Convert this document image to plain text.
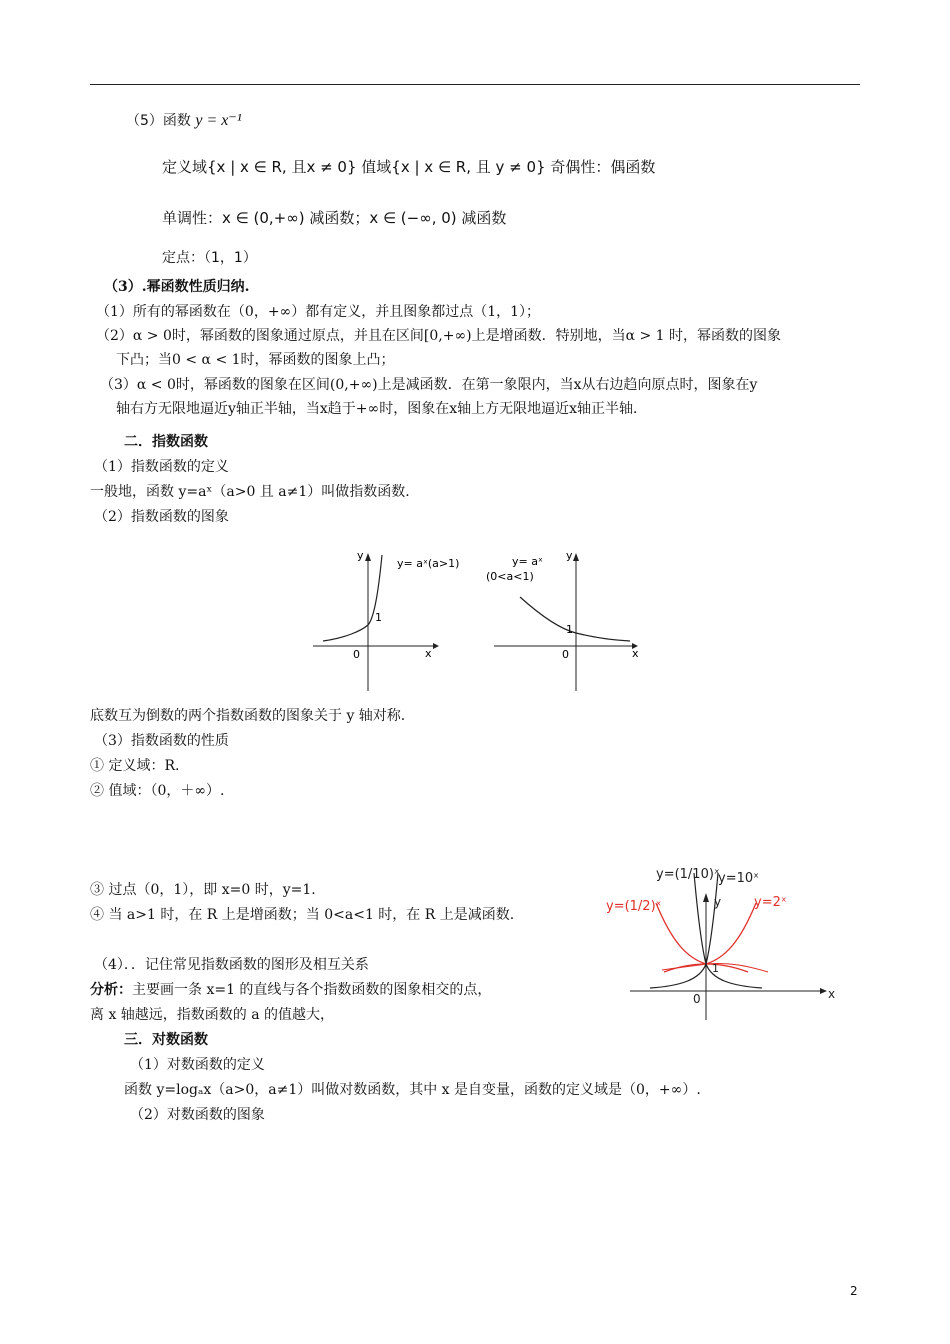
（5）函数 y = x⁻¹
定义域{x | x ∈ R, 且x ≠ 0} 值域{x | x ∈ R, 且 y ≠ 0} 奇偶性：偶函数
单调性：x ∈ (0,+∞) 减函数；x ∈ (−∞, 0) 减函数
定点：（1，1）
（3）.幂函数性质归纳.
（1）所有的幂函数在（0，+∞）都有定义，并且图象都过点（1，1）；
（2）α > 0时，幂函数的图象通过原点，并且在区间[0,+∞)上是增函数．特别地，当α > 1 时，幂函数的图象
下凸；当0 < α < 1时，幂函数的图象上凸；
（3）α < 0时，幂函数的图象在区间(0,+∞)上是减函数．在第一象限内，当x从右边趋向原点时，图象在y
轴右方无限地逼近y轴正半轴，当x趋于+∞时，图象在x轴上方无限地逼近x轴正半轴．
二．指数函数
（1）指数函数的定义
一般地，函数 y=aˣ（a>0 且 a≠1）叫做指数函数.
（2）指数函数的图象
y
x
0
1
y= aˣ(a>1)
y
x
0
1
y= aˣ
(0<a<1)
底数互为倒数的两个指数函数的图象关于 y 轴对称.
（3）指数函数的性质
① 定义域：R.
② 值域：（0，＋∞）.
③ 过点（0，1），即 x=0 时，y=1.
④ 当 a>1 时，在 R 上是增函数；当 0<a<1 时，在 R 上是减函数.
（4）．．记住常见指数函数的图形及相互关系
分析：主要画一条 x=1 的直线与各个指数函数的图象相交的点，
离 x 轴越远，指数函数的 a 的值越大，
y=(1/10)ˣ
y=10ˣ
y=(1/2)ˣ	y=2ˣ
y
x
0
1
三．对数函数
（1）对数函数的定义
函数 y=logₐx（a>0，a≠1）叫做对数函数，其中 x 是自变量，函数的定义域是（0，+∞）.
（2）对数函数的图象
2
